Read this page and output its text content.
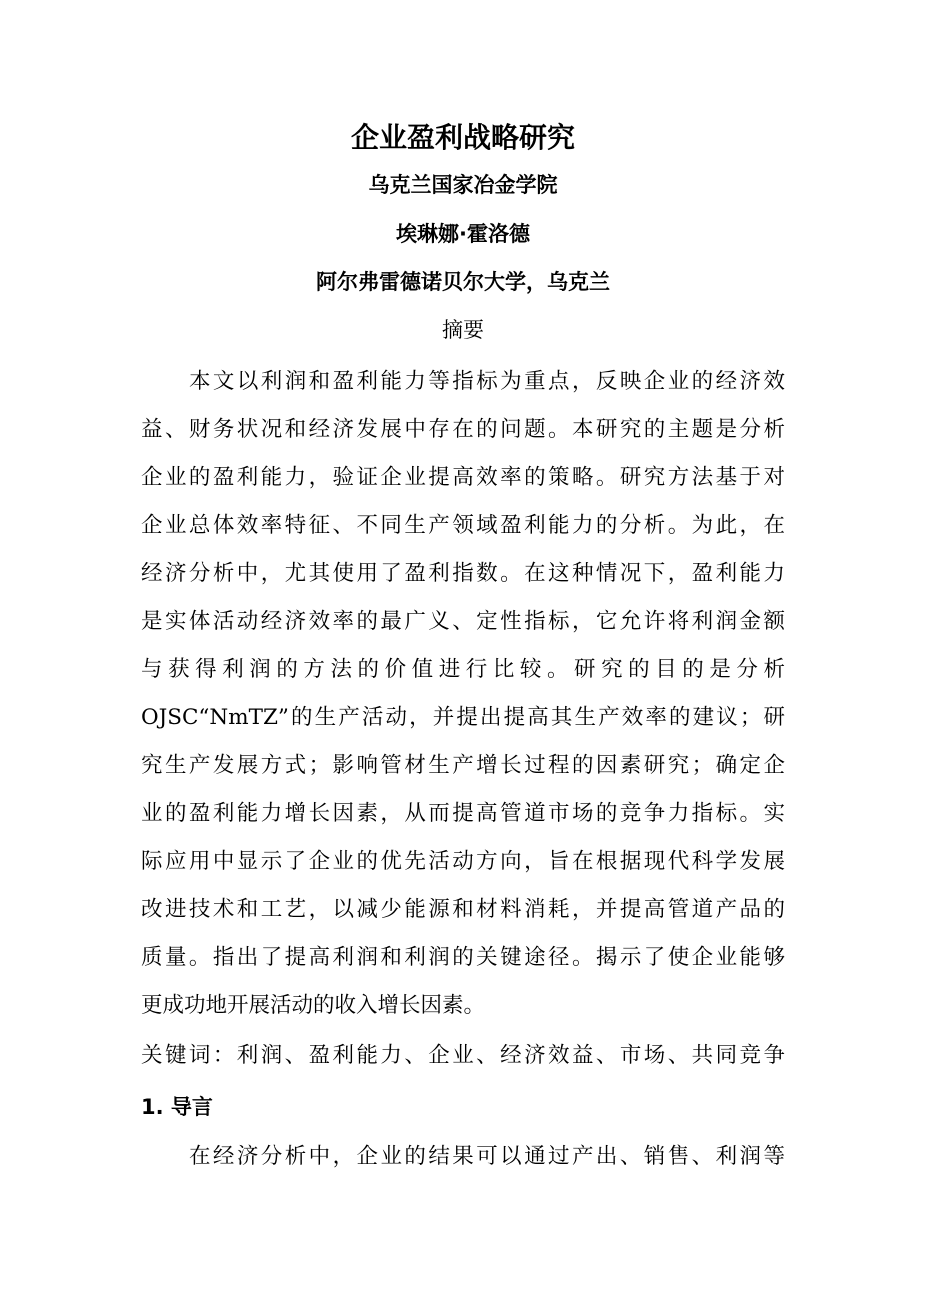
企业盈利战略研究
乌克兰国家冶金学院
埃琳娜·霍洛德
阿尔弗雷德诺贝尔大学，乌克兰
摘要
本文以利润和盈利能力等指标为重点，反映企业的经济效
益、财务状况和经济发展中存在的问题。本研究的主题是分析
企业的盈利能力，验证企业提高效率的策略。研究方法基于对
企业总体效率特征、不同生产领域盈利能力的分析。为此，在
经济分析中，尤其使用了盈利指数。在这种情况下，盈利能力
是实体活动经济效率的最广义、定性指标，它允许将利润金额
与获得利润的方法的价值进行比较。研究的目的是分析
OJSC“NmTZ”的生产活动，并提出提高其生产效率的建议；研
究生产发展方式；影响管材生产增长过程的因素研究；确定企
业的盈利能力增长因素，从而提高管道市场的竞争力指标。实
际应用中显示了企业的优先活动方向，旨在根据现代科学发展
改进技术和工艺，以减少能源和材料消耗，并提高管道产品的
质量。指出了提高利润和利润的关键途径。揭示了使企业能够
更成功地开展活动的收入增长因素。
关键词：利润、盈利能力、企业、经济效益、市场、共同竞争
1. 导言
在经济分析中，企业的结果可以通过产出、销售、利润等
